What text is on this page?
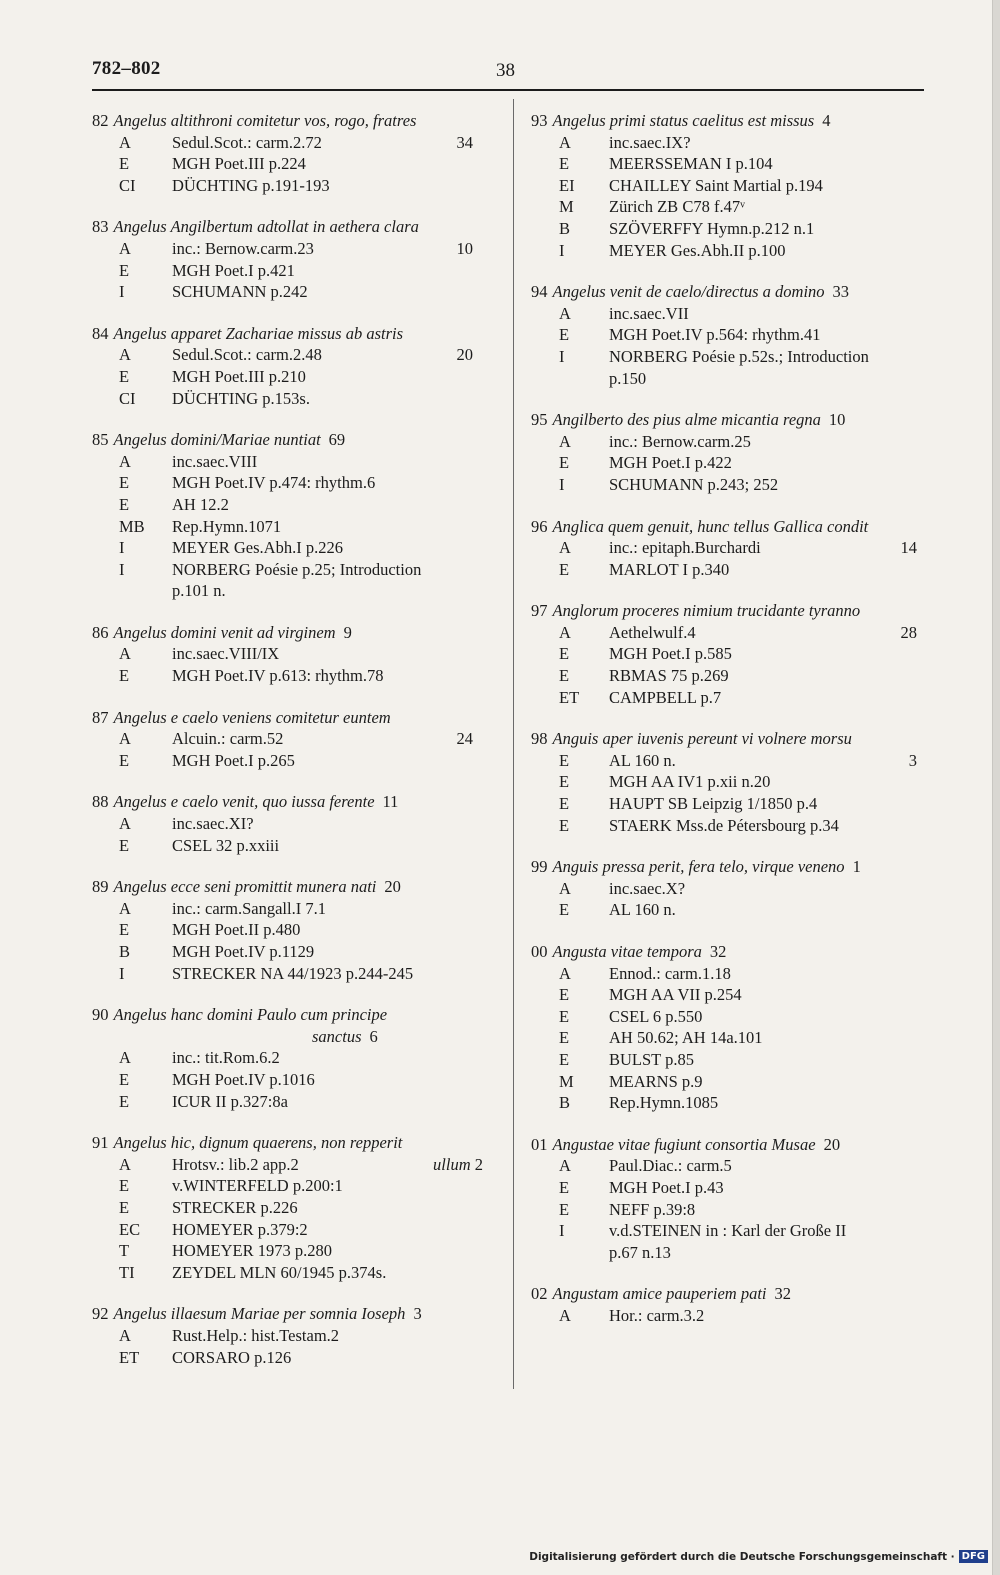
782–802	38
82 Angelus altithroni comitetur vos, rogo, fratres
A	Sedul.Scot.: carm.2.72	34
E	MGH Poet.III p.224
CI	DÜCHTING p.191-193
83 Angelus Angilbertum adtollat in aethera clara
A	inc.: Bernow.carm.23	10
E	MGH Poet.I p.421
I	SCHUMANN p.242
84 Angelus apparet Zachariae missus ab astris
A	Sedul.Scot.: carm.2.48	20
E	MGH Poet.III p.210
CI	DÜCHTING p.153s.
85 Angelus domini/Mariae nuntiat 69
A	inc.saec.VIII
E	MGH Poet.IV p.474: rhythm.6
E	AH 12.2
MB	Rep.Hymn.1071
I	MEYER Ges.Abh.I p.226
I	NORBERG Poésie p.25; Introduction
p.101 n.
86 Angelus domini venit ad virginem 9
A	inc.saec.VIII/IX
E	MGH Poet.IV p.613: rhythm.78
87 Angelus e caelo veniens comitetur euntem
A	Alcuin.: carm.52	24
E	MGH Poet.I p.265
88 Angelus e caelo venit, quo iussa ferente 11
A	inc.saec.XI?
E	CSEL 32 p.xxiii
89 Angelus ecce seni promittit munera nati 20
A	inc.: carm.Sangall.I 7.1
E	MGH Poet.II p.480
B	MGH Poet.IV p.1129
I	STRECKER NA 44/1923 p.244-245
90 Angelus hanc domini Paulo cum principe
sanctus 6
A	inc.: tit.Rom.6.2
E	MGH Poet.IV p.1016
E	ICUR II p.327:8a
91 Angelus hic, dignum quaerens, non repperit
A	Hrotsv.: lib.2 app.2	ullum 2
E	v.WINTERFELD p.200:1
E	STRECKER p.226
EC	HOMEYER p.379:2
T	HOMEYER 1973 p.280
TI	ZEYDEL MLN 60/1945 p.374s.
92 Angelus illaesum Mariae per somnia Ioseph 3
A	Rust.Help.: hist.Testam.2
ET	CORSARO p.126
93 Angelus primi status caelitus est missus 4
A	inc.saec.IX?
E	MEERSSEMAN I p.104
EI	CHAILLEY Saint Martial p.194
M	Zürich ZB C78 f.47ᵛ
B	SZÖVERFFY Hymn.p.212 n.1
I	MEYER Ges.Abh.II p.100
94 Angelus venit de caelo/directus a domino 33
A	inc.saec.VII
E	MGH Poet.IV p.564: rhythm.41
I	NORBERG Poésie p.52s.; Introduction
p.150
95 Angilberto des pius alme micantia regna 10
A	inc.: Bernow.carm.25
E	MGH Poet.I p.422
I	SCHUMANN p.243; 252
96 Anglica quem genuit, hunc tellus Gallica condit
A	inc.: epitaph.Burchardi	14
E	MARLOT I p.340
97 Anglorum proceres nimium trucidante tyranno
A	Aethelwulf.4	28
E	MGH Poet.I p.585
E	RBMAS 75 p.269
ET	CAMPBELL p.7
98 Anguis aper iuvenis pereunt vi volnere morsu
E	AL 160 n.	3
E	MGH AA IV1 p.xii n.20
E	HAUPT SB Leipzig 1/1850 p.4
E	STAERK Mss.de Pétersbourg p.34
99 Anguis pressa perit, fera telo, virque veneno 1
A	inc.saec.X?
E	AL 160 n.
00 Angusta vitae tempora 32
A	Ennod.: carm.1.18
E	MGH AA VII p.254
E	CSEL 6 p.550
E	AH 50.62; AH 14a.101
E	BULST p.85
M	MEARNS p.9
B	Rep.Hymn.1085
01 Angustae vitae fugiunt consortia Musae 20
A	Paul.Diac.: carm.5
E	MGH Poet.I p.43
E	NEFF p.39:8
I	v.d.STEINEN in : Karl der Große II
p.67 n.13
02 Angustam amice pauperiem pati 32
A	Hor.: carm.3.2
Digitalisierung gefördert durch die Deutsche Forschungsgemeinschaft · DFG
